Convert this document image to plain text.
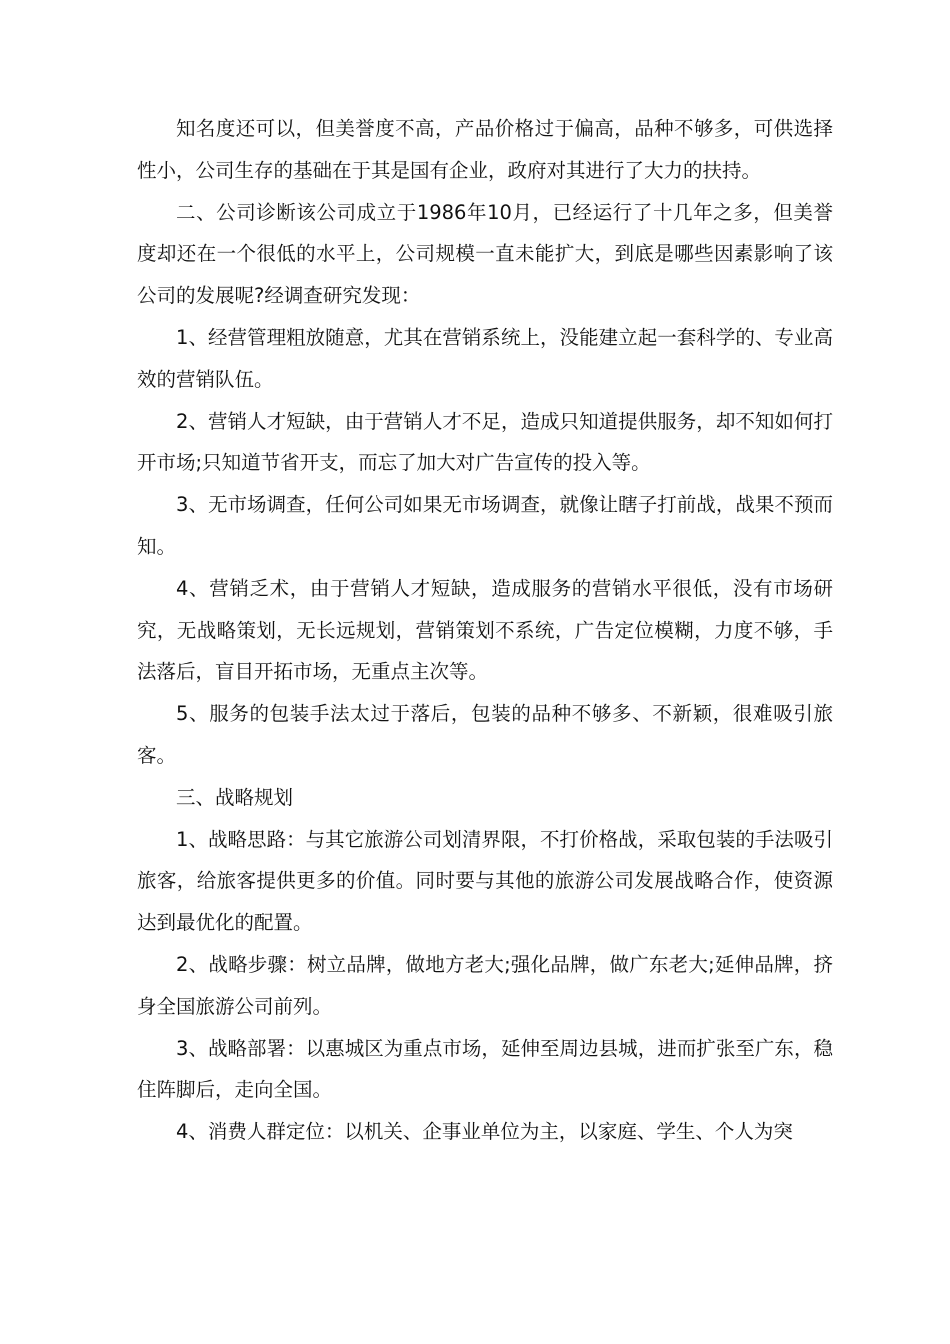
知名度还可以，但美誉度不高，产品价格过于偏高，品种不够多，可供选择性小，公司生存的基础在于其是国有企业，政府对其进行了大力的扶持。

二、公司诊断该公司成立于1986年10月，已经运行了十几年之多，但美誉度却还在一个很低的水平上，公司规模一直未能扩大，到底是哪些因素影响了该公司的发展呢?经调查研究发现：

1、经营管理粗放随意，尤其在营销系统上，没能建立起一套科学的、专业高效的营销队伍。

2、营销人才短缺，由于营销人才不足，造成只知道提供服务，却不知如何打开市场;只知道节省开支，而忘了加大对广告宣传的投入等。

3、无市场调查，任何公司如果无市场调查，就像让瞎子打前战，战果不预而知。

4、营销乏术，由于营销人才短缺，造成服务的营销水平很低，没有市场研究，无战略策划，无长远规划，营销策划不系统，广告定位模糊，力度不够，手法落后，盲目开拓市场，无重点主次等。

5、服务的包装手法太过于落后，包装的品种不够多、不新颖，很难吸引旅客。

三、战略规划

1、战略思路：与其它旅游公司划清界限，不打价格战，采取包装的手法吸引旅客，给旅客提供更多的价值。同时要与其他的旅游公司发展战略合作，使资源达到最优化的配置。

2、战略步骤：树立品牌，做地方老大;强化品牌，做广东老大;延伸品牌，挤身全国旅游公司前列。

3、战略部署：以惠城区为重点市场，延伸至周边县城，进而扩张至广东，稳住阵脚后，走向全国。

4、消费人群定位：以机关、企事业单位为主，以家庭、学生、个人为突
